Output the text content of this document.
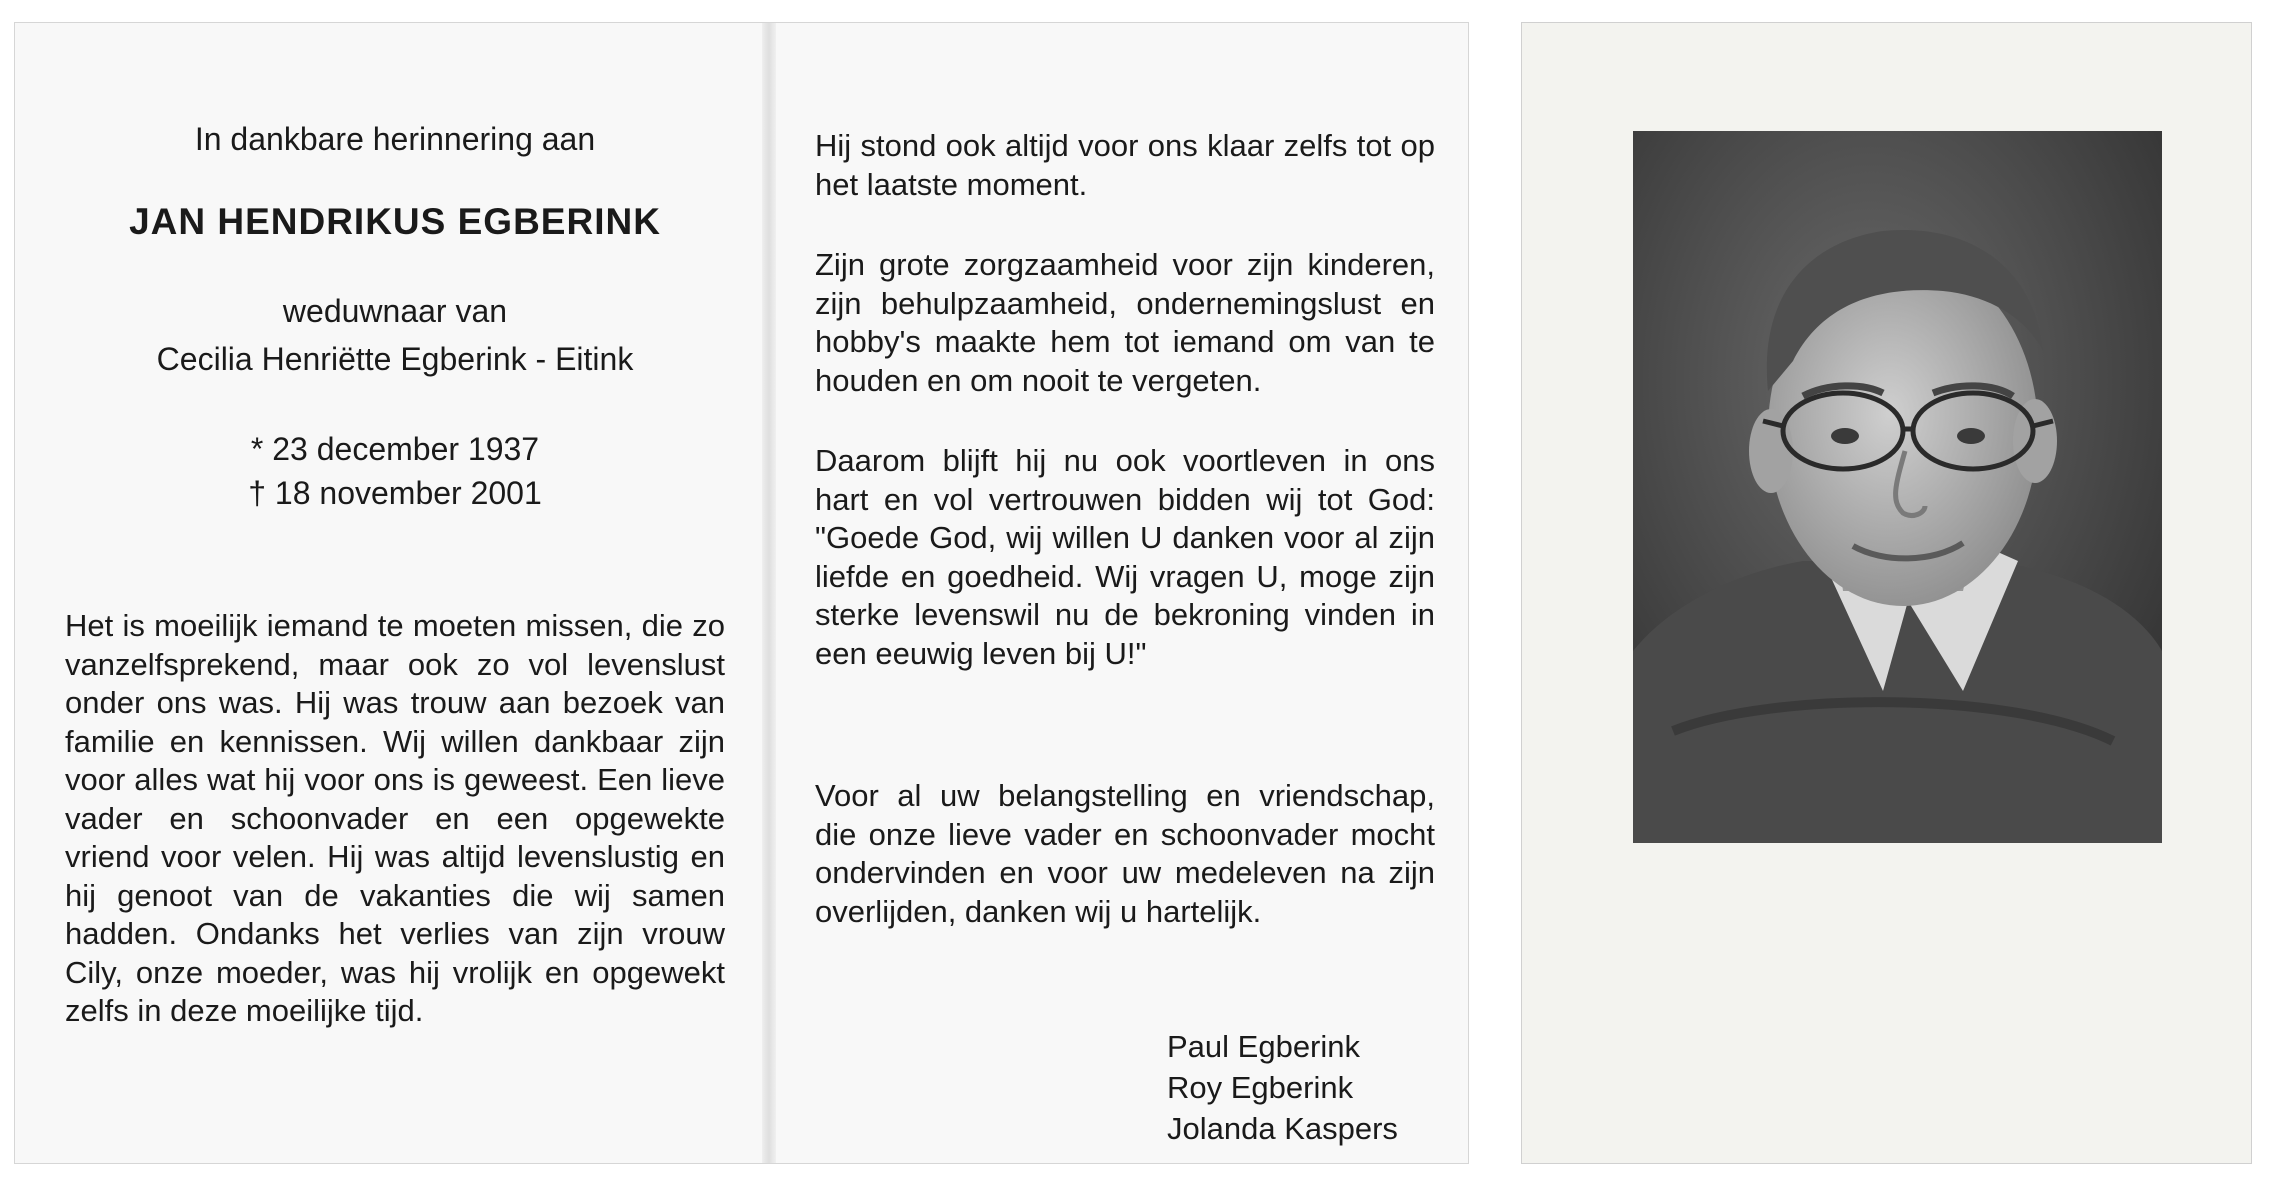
In dankbare herinnering aan

JAN HENDRIKUS EGBERINK

weduwnaar van
Cecilia Henriëtte Egberink - Eitink
* 23 december 1937
† 18 november 2001

Het is moeilijk iemand te moeten missen, die zo vanzelfsprekend, maar ook zo vol levenslust onder ons was. Hij was trouw aan bezoek van familie en kennissen. Wij willen dankbaar zijn voor alles wat hij voor ons is geweest. Een lieve vader en schoonvader en een opgewekte vriend voor velen. Hij was altijd levenslustig en hij genoot van de vakanties die wij samen hadden. Ondanks het verlies van zijn vrouw Cily, onze moeder, was hij vrolijk en opgewekt zelfs in deze moeilijke tijd.

Hij stond ook altijd voor ons klaar zelfs tot op het laatste moment.

Zijn grote zorgzaamheid voor zijn kinderen, zijn behulpzaamheid, ondernemingslust en hobby's maakte hem tot iemand om van te houden en om nooit te vergeten.

Daarom blijft hij nu ook voortleven in ons hart en vol vertrouwen bidden wij tot God: "Goede God, wij willen U danken voor al zijn liefde en goedheid. Wij vragen U, moge zijn sterke levenswil nu de bekroning vinden in een eeuwig leven bij U!"

Voor al uw belangstelling en vriendschap, die onze lieve vader en schoonvader mocht ondervinden en voor uw medeleven na zijn overlijden, danken wij u hartelijk.

Paul Egberink
Roy Egberink
Jolanda Kaspers
